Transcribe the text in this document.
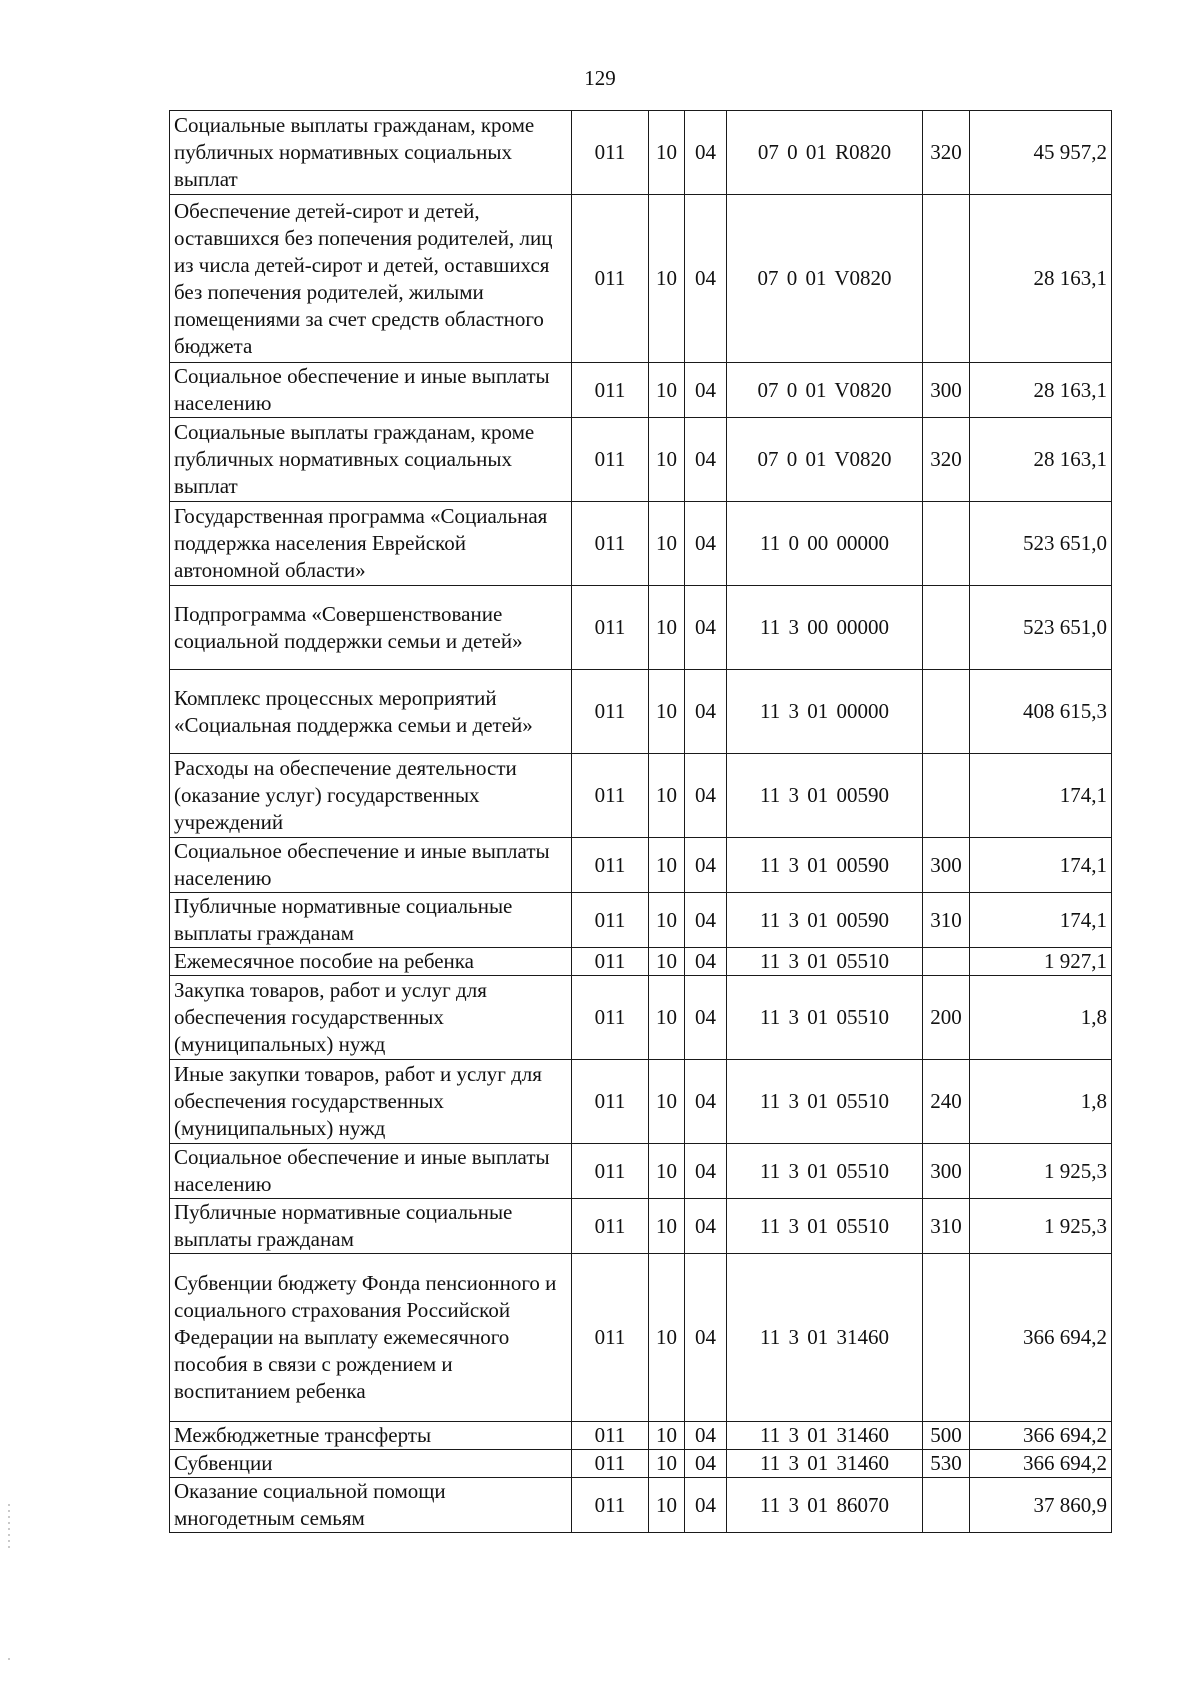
129
Социальные выплаты гражданам, кроме публичных нормативных социальных выплат	011	10	04	07 0 01 R0820	320	45 957,2
Обеспечение детей-сирот и детей, оставшихся без попечения родителей, лиц из числа детей-сирот и детей, оставшихся без попечения родителей, жилыми помещениями за счет средств областного бюджета	011	10	04	07 0 01 V0820		28 163,1
Социальное обеспечение и иные выплаты населению	011	10	04	07 0 01 V0820	300	28 163,1
Социальные выплаты гражданам, кроме публичных нормативных социальных выплат	011	10	04	07 0 01 V0820	320	28 163,1
Государственная программа «Социальная поддержка населения Еврейской автономной области»	011	10	04	11 0 00 00000		523 651,0
Подпрограмма «Совершенствование социальной поддержки семьи и детей»	011	10	04	11 3 00 00000		523 651,0
Комплекс процессных мероприятий «Социальная поддержка семьи и детей»	011	10	04	11 3 01 00000		408 615,3
Расходы на обеспечение деятельности (оказание услуг) государственных учреждений	011	10	04	11 3 01 00590		174,1
Социальное обеспечение и иные выплаты населению	011	10	04	11 3 01 00590	300	174,1
Публичные нормативные социальные выплаты гражданам	011	10	04	11 3 01 00590	310	174,1
Ежемесячное пособие на ребенка	011	10	04	11 3 01 05510		1 927,1
Закупка товаров, работ и услуг для обеспечения государственных (муниципальных) нужд	011	10	04	11 3 01 05510	200	1,8
Иные закупки товаров, работ и услуг для обеспечения государственных (муниципальных) нужд	011	10	04	11 3 01 05510	240	1,8
Социальное обеспечение и иные выплаты населению	011	10	04	11 3 01 05510	300	1 925,3
Публичные нормативные социальные выплаты гражданам	011	10	04	11 3 01 05510	310	1 925,3
Субвенции бюджету Фонда пенсионного и социального страхования Российской Федерации на выплату ежемесячного пособия в связи с рождением и воспитанием ребенка	011	10	04	11 3 01 31460		366 694,2
Межбюджетные трансферты	011	10	04	11 3 01 31460	500	366 694,2
Субвенции	011	10	04	11 3 01 31460	530	366 694,2
Оказание социальной помощи многодетным семьям	011	10	04	11 3 01 86070		37 860,9
